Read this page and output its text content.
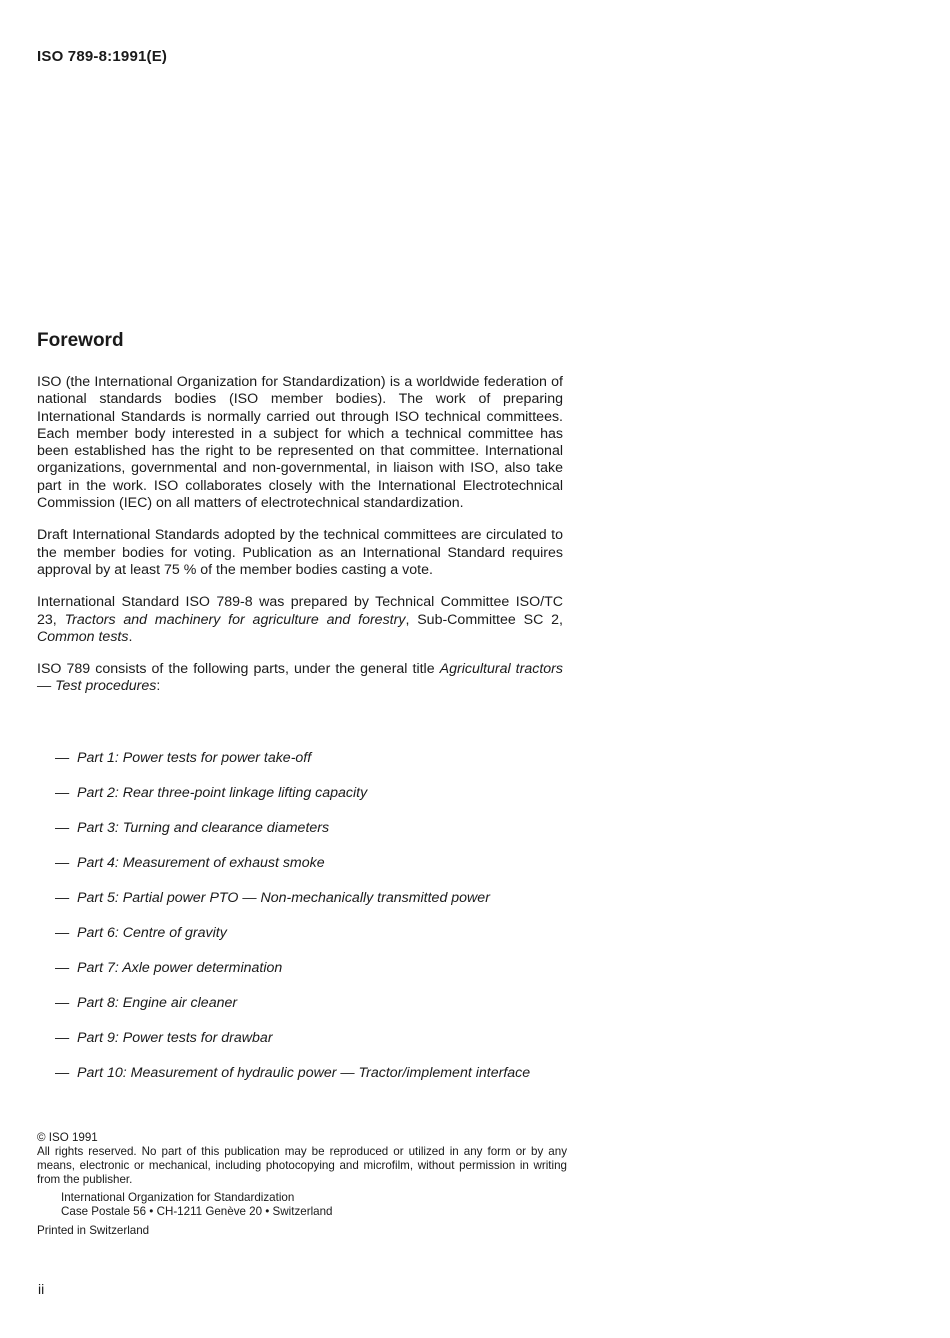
ISO 789-8:1991(E)
Foreword

ISO (the International Organization for Standardization) is a worldwide federation of national standards bodies (ISO member bodies). The work of preparing International Standards is normally carried out through ISO technical committees. Each member body interested in a subject for which a technical committee has been established has the right to be represented on that committee. International organizations, governmental and non-governmental, in liaison with ISO, also take part in the work. ISO collaborates closely with the International Electrotechnical Commission (IEC) on all matters of electrotechnical standardization.

Draft International Standards adopted by the technical committees are circulated to the member bodies for voting. Publication as an International Standard requires approval by at least 75 % of the member bodies casting a vote.

International Standard ISO 789-8 was prepared by Technical Committee ISO/TC 23, Tractors and machinery for agriculture and forestry, Sub-Committee SC 2, Common tests.

ISO 789 consists of the following parts, under the general title Agricultural tractors — Test procedures:

— Part 1: Power tests for power take-off
— Part 2: Rear three-point linkage lifting capacity
— Part 3: Turning and clearance diameters
— Part 4: Measurement of exhaust smoke
— Part 5: Partial power PTO — Non-mechanically transmitted power
— Part 6: Centre of gravity
— Part 7: Axle power determination
— Part 8: Engine air cleaner
— Part 9: Power tests for drawbar
— Part 10: Measurement of hydraulic power — Tractor/implement interface

© ISO 1991

All rights reserved. No part of this publication may be reproduced or utilized in any form or by any means, electronic or mechanical, including photocopying and microfilm, without permission in writing from the publisher.

International Organization for Standardization
Case Postale 56 • CH-1211 Genève 20 • Switzerland

Printed in Switzerland

ii
